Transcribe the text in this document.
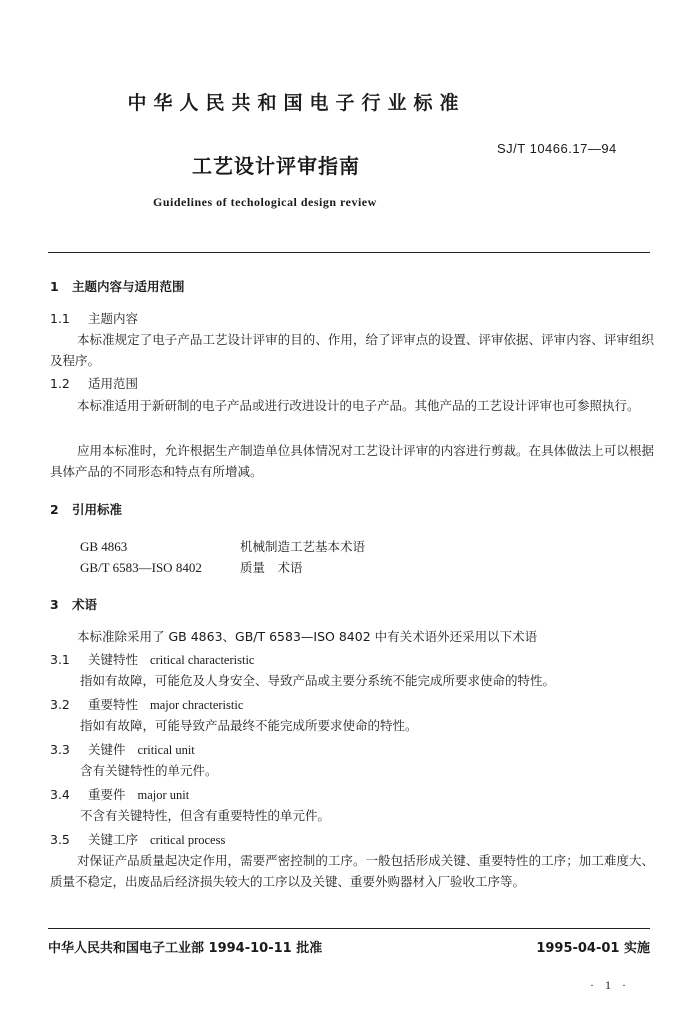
中华人民共和国电子行业标准
工艺设计评审指南
SJ/T 10466.17—94
Guidelines of techological design review
1 主题内容与适用范围
1.1 主题内容
本标准规定了电子产品工艺设计评审的目的、作用，给了评审点的设置、评审依据、评审内容、评审组织及程序。
1.2 适用范围
本标准适用于新研制的电子产品或进行改进设计的电子产品。其他产品的工艺设计评审也可参照执行。
应用本标准时，允许根据生产制造单位具体情况对工艺设计评审的内容进行剪裁。在具体做法上可以根据具体产品的不同形态和特点有所增减。
2 引用标准
GB 4863	机械制造工艺基本术语
GB/T 6583—ISO 8402	质量　术语
3 术语
本标准除采用了 GB 4863、GB/T 6583—ISO 8402 中有关术语外还采用以下术语
3.1 关键特性 critical characteristic
指如有故障，可能危及人身安全、导致产品或主要分系统不能完成所要求使命的特性。
3.2 重要特性 major chracteristic
指如有故障，可能导致产品最终不能完成所要求使命的特性。
3.3 关键件 critical unit
含有关键特性的单元件。
3.4 重要件 major unit
不含有关键特性，但含有重要特性的单元件。
3.5 关键工序 critical process
对保证产品质量起决定作用，需要严密控制的工序。一般包括形成关键、重要特性的工序；加工难度大、质量不稳定，出废品后经济损失较大的工序以及关键、重要外购器材入厂验收工序等。
中华人民共和国电子工业部 1994-10-11 批准	1995-04-01 实施
· 1 ·
